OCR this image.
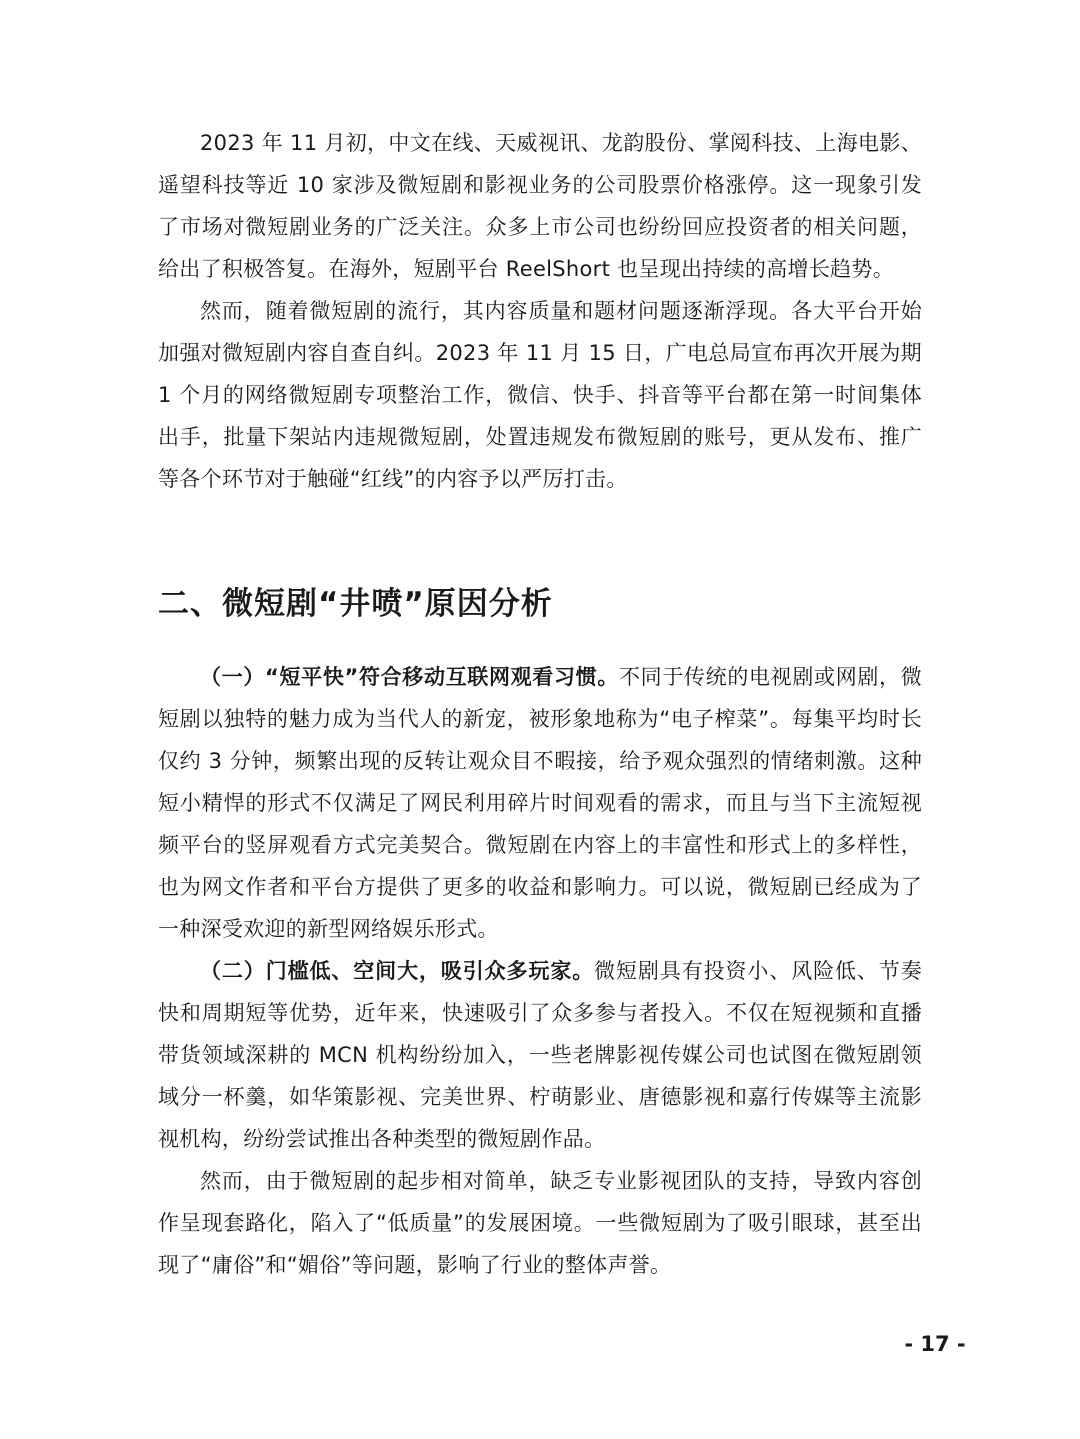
2023 年 11 月初，中文在线、天威视讯、龙韵股份、掌阅科技、上海电影、遥望科技等近 10 家涉及微短剧和影视业务的公司股票价格涨停。这一现象引发了市场对微短剧业务的广泛关注。众多上市公司也纷纷回应投资者的相关问题，给出了积极答复。在海外，短剧平台 ReelShort 也呈现出持续的高增长趋势。

然而，随着微短剧的流行，其内容质量和题材问题逐渐浮现。各大平台开始加强对微短剧内容自查自纠。2023 年 11 月 15 日，广电总局宣布再次开展为期 1 个月的网络微短剧专项整治工作，微信、快手、抖音等平台都在第一时间集体出手，批量下架站内违规微短剧，处置违规发布微短剧的账号，更从发布、推广等各个环节对于触碰“红线”的内容予以严厉打击。

二、微短剧“井喷”原因分析

（一）“短平快”符合移动互联网观看习惯。不同于传统的电视剧或网剧，微短剧以独特的魅力成为当代人的新宠，被形象地称为“电子榨菜”。每集平均时长仅约 3 分钟，频繁出现的反转让观众目不暇接，给予观众强烈的情绪刺激。这种短小精悍的形式不仅满足了网民利用碎片时间观看的需求，而且与当下主流短视频平台的竖屏观看方式完美契合。微短剧在内容上的丰富性和形式上的多样性，也为网文作者和平台方提供了更多的收益和影响力。可以说，微短剧已经成为了一种深受欢迎的新型网络娱乐形式。

（二）门槛低、空间大，吸引众多玩家。微短剧具有投资小、风险低、节奏快和周期短等优势，近年来，快速吸引了众多参与者投入。不仅在短视频和直播带货领域深耕的 MCN 机构纷纷加入，一些老牌影视传媒公司也试图在微短剧领域分一杯羹，如华策影视、完美世界、柠萌影业、唐德影视和嘉行传媒等主流影视机构，纷纷尝试推出各种类型的微短剧作品。

然而，由于微短剧的起步相对简单，缺乏专业影视团队的支持，导致内容创作呈现套路化，陷入了“低质量”的发展困境。一些微短剧为了吸引眼球，甚至出现了“庸俗”和“媚俗”等问题，影响了行业的整体声誉。

- 17 -
